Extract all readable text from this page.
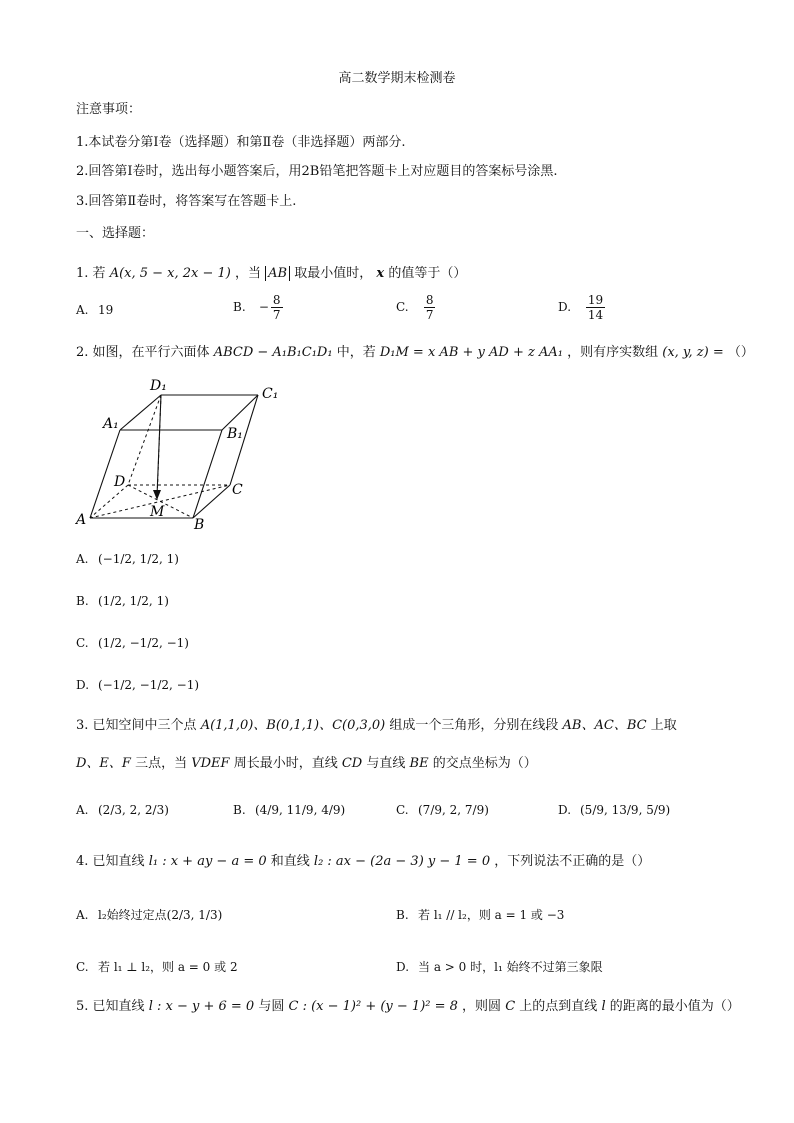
高二数学期末检测卷
注意事项：
1.本试卷分第Ⅰ卷（选择题）和第Ⅱ卷（非选择题）两部分.
2.回答第Ⅰ卷时，选出每小题答案后，用2B铅笔把答题卡上对应题目的答案标号涂黑.
3.回答第Ⅱ卷时，将答案写在答题卡上.
一、选择题：
1. 若 A(x, 5 − x, 2x − 1) ，当 AB 取最小值时， x 的值等于（）
A. 19	B. − $\frac{8}{7}$	C. $\frac{8}{7}$	D. $\frac{19}{14}$
2. 如图，在平行六面体 ABCD − A₁B₁C₁D₁ 中，若 D₁M = x AB + y AD + z AA₁ ，则有序实数组 (x, y, z) = （）
D₁	C₁
A₁
B₁
D	C
A	M
B
A. (−1/2, 1/2, 1)
B. (1/2, 1/2, 1)
C. (1/2, −1/2, −1)
D. (−1/2, −1/2, −1)
3. 已知空间中三个点 A(1,1,0)、B(0,1,1)、C(0,3,0) 组成一个三角形，分别在线段 AB、AC、BC 上取
D、E、F 三点，当 VDEF 周长最小时，直线 CD 与直线 BE 的交点坐标为（）
A. (2/3, 2, 2/3)	B. (4/9, 11/9, 4/9)	C. (7/9, 2, 7/9)	D. (5/9, 13/9, 5/9)
4. 已知直线 l₁ : x + ay − a = 0 和直线 l₂ : ax − (2a − 3) y − 1 = 0 ，下列说法不正确的是（）
A. l₂始终过定点(2/3, 1/3)	B. 若 l₁ // l₂，则 a = 1 或 −3
C. 若 l₁ ⊥ l₂，则 a = 0 或 2	D. 当 a > 0 时，l₁ 始终不过第三象限
5. 已知直线 l : x − y + 6 = 0 与圆 C : (x − 1)² + (y − 1)² = 8 ，则圆 C 上的点到直线 l 的距离的最小值为（）
